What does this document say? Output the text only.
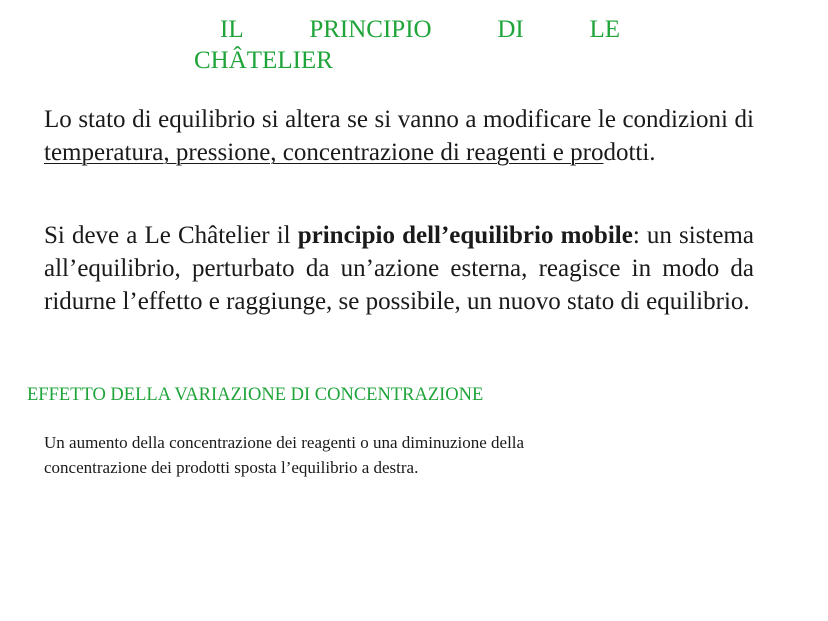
IL	PRINCIPIO	DI	LE
CHÂTELIER

Lo stato di equilibrio si altera se si vanno a modificare le condizioni di temperatura, pressione, concentrazione di reagenti e prodotti.

Si deve a Le Châtelier il principio dell’equilibrio mobile: un sistema all’equilibrio, perturbato da un’azione esterna, reagisce in modo da ridurne l’effetto e raggiunge, se possibile, un nuovo stato di equilibrio.

EFFETTO DELLA VARIAZIONE DI CONCENTRAZIONE

Un aumento della concentrazione dei reagenti o una diminuzione della
concentrazione dei prodotti sposta l’equilibrio a destra.
